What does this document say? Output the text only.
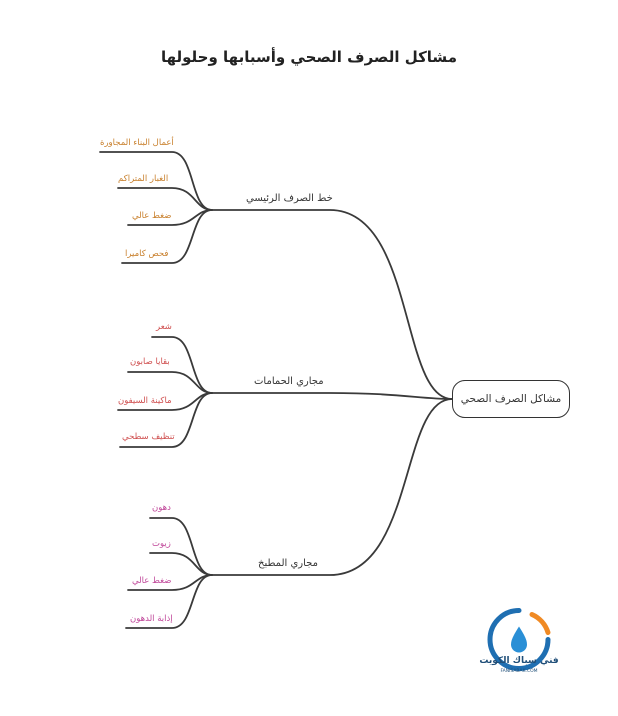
مشاكل الصرف الصحي وأسبابها وحلولها
مشاكل الصرف الصحي
خط الصرف الرئيسي
مجاري الحمامات
مجاري المطبخ
أعمال البناء المجاورة
الغبار المتراكم
ضغط عالي
فحص كاميرا
شعر
بقايا صابون
ماكينة السيفون
تنظيف سطحي
دهون
زيوت
ضغط عالي
إذابة الدهون
فني سباك الكويت
FANISABAK.COM
